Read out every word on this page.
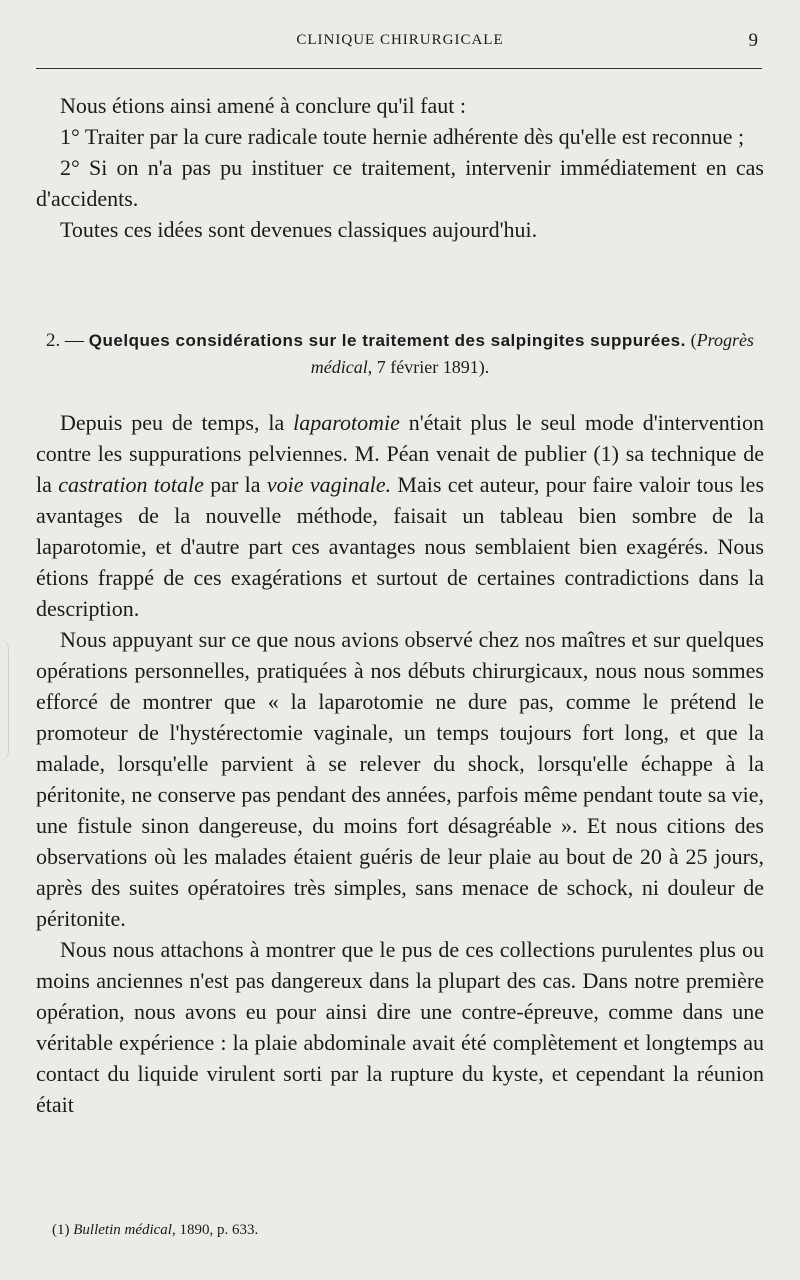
CLINIQUE CHIRURGICALE	9

Nous étions ainsi amené à conclure qu'il faut :

1° Traiter par la cure radicale toute hernie adhérente dès qu'elle est reconnue ;

2° Si on n'a pas pu instituer ce traitement, intervenir immédiatement en cas d'accidents.

Toutes ces idées sont devenues classiques aujourd'hui.

2. — Quelques considérations sur le traitement des salpingites suppurées. (Progrès médical, 7 février 1891).

Depuis peu de temps, la laparotomie n'était plus le seul mode d'intervention contre les suppurations pelviennes. M. Péan venait de publier (1) sa technique de la castration totale par la voie vaginale. Mais cet auteur, pour faire valoir tous les avantages de la nouvelle méthode, faisait un tableau bien sombre de la laparotomie, et d'autre part ces avantages nous semblaient bien exagérés. Nous étions frappé de ces exagérations et surtout de certaines contradictions dans la description.

Nous appuyant sur ce que nous avions observé chez nos maîtres et sur quelques opérations personnelles, pratiquées à nos débuts chirurgicaux, nous nous sommes efforcé de montrer que « la laparotomie ne dure pas, comme le prétend le promoteur de l'hystérectomie vaginale, un temps toujours fort long, et que la malade, lorsqu'elle parvient à se relever du shock, lorsqu'elle échappe à la péritonite, ne conserve pas pendant des années, parfois même pendant toute sa vie, une fistule sinon dangereuse, du moins fort désagréable ». Et nous citions des observations où les malades étaient guéris de leur plaie au bout de 20 à 25 jours, après des suites opératoires très simples, sans menace de schock, ni douleur de péritonite.

Nous nous attachons à montrer que le pus de ces collections purulentes plus ou moins anciennes n'est pas dangereux dans la plupart des cas. Dans notre première opération, nous avons eu pour ainsi dire une contre-épreuve, comme dans une véritable expérience : la plaie abdominale avait été complètement et longtemps au contact du liquide virulent sorti par la rupture du kyste, et cependant la réunion était

(1) Bulletin médical, 1890, p. 633.
